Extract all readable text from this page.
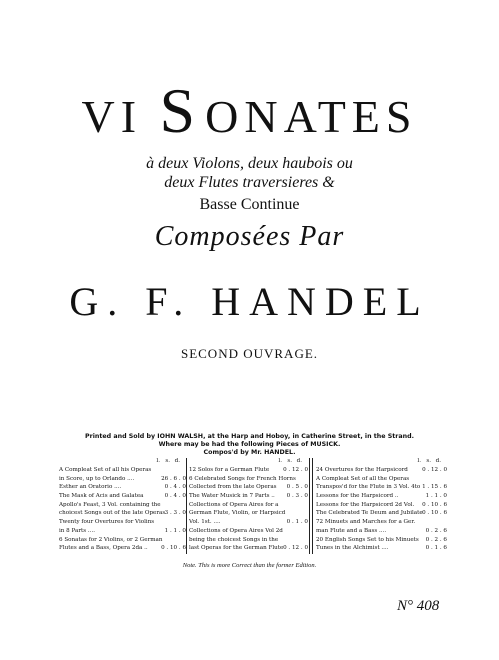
VI SONATES
à deux Violons, deux haubois ou
deux Flutes traversieres &
Basse Continue
Composées Par
G. F. HANDEL
SECOND OUVRAGE.
Printed and Sold by IOHN WALSH, at the Harp and Hoboy, in Catherine Street, in the Strand.
Where may be had the following Pieces of MUSICK.
Compos'd by Mr. HANDEL.
l. s. d.
A Compleat Set of all his Operas
in Score, up to Orlando ....	26 . 6 . 0
Esther an Oratorio ....	0 . 4 . 0
The Mask of Acis and Galatea	0 . 4 . 0
Apollo's Feast, 3 Vol. containing the
choicest Songs out of the late Operas 3 . 3 . 0
Twenty four Overtures for Violins
in 8 Parts ....	1 . 1 . 0
6 Sonatas for 2 Violins, or 2 German
Flutes and a Bass, Opera 2da .. 0 . 10 . 6
l. s. d.
12 Solos for a German Flute 0 . 12 . 0
6 Celebrated Songs for French Horns
Collected from the late Operas 0 . 5 . 0
The Water Musick in 7 Parts .. 0 . 3 . 0
Collections of Opera Aires for a
German Flute, Violin, or Harpsicd
Vol. 1st. ....	0 . 1 . 0
Collections of Opera Aires Vol 2d
being the choicest Songs in the
last Operas for the German Flute 0 . 12 . 0
l. s. d.
24 Overtures for the Harpsicord	0 . 12 . 0
A Compleat Set of all the Operas
Transpos'd for the Flute in 3 Vol. 4to 1 . 15 . 6
Lessons for the Harpsicord ..	1 . 1 . 0
Lessons for the Harpsicord 2d Vol. 0 . 10 . 6
The Celebrated Te Deum and Jubilate 0 . 10 . 6
72 Minuets and Marches for a Ger.
man Flute and a Bass ....	0 . 2 . 6
20 English Songs Set to his Minuets 0 . 2 . 6
Tunes in the Alchimist ....	0 . 1 . 6
Note. This is more Correct than the former Edition.
N° 408
